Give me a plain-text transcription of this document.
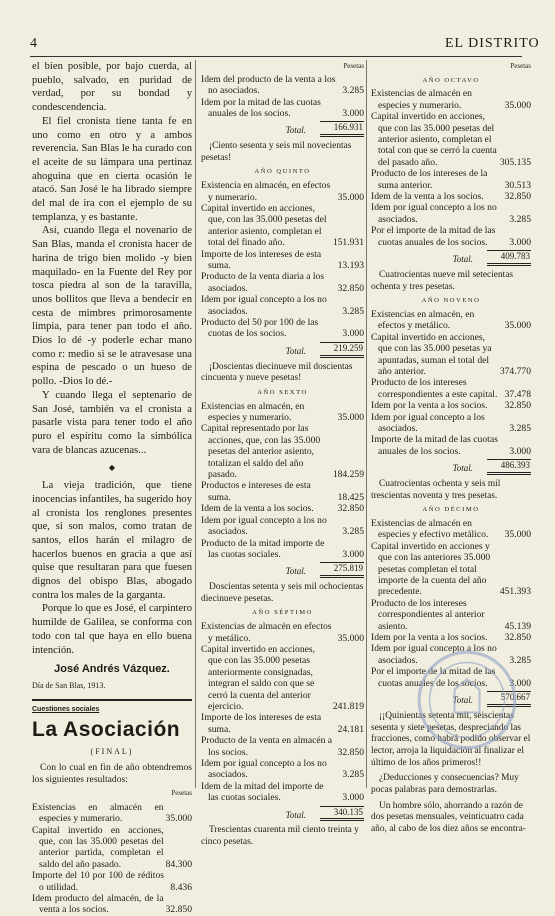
4	EL DISTRITO

el bien posible, por bajo cuerda, al pueblo, salvado, en puridad de verdad, por su bondad y condescendencia.

El fiel cronista tiene tanta fe en uno como en otro y a ambos reverencia. San Blas le ha curado con el aceite de su lámpara una pertinaz ahoguina que en cierta ocasión le atacó. San José le ha librado siempre del mal de ira con el ejemplo de su templanza, y es bastante.

Así, cuando llega el novenario de San Blas, manda el cronista hacer de harina de trigo bien molido -y bien maquilado- en la Fuente del Rey por tosca piedra al son de la taravilla, unos bollitos que lleva a bendecir en cesta de mimbres primorosamente limpia, para tener pan todo el año. Dios lo dé -y poderle echar mano como r: medio si se le atravesase una espina de pescado o un hueso de pollo. -Dios lo dé.-

Y cuando llega el septenario de San José, también va el cronista a pasarle vista para tener todo el año puro el espíritu como la simbólica vara de blancas azucenas...

◆

La vieja tradición, que tiene inocencias infantiles, ha sugerido hoy al cronista los renglones presentes que, si son malos, como tratan de santos, ellos harán el milagro de hacerlos buenos en gracia a que así quise que resultaran para que fuesen dignos del obispo Blas, abogado contra los males de la garganta.

Porque lo que es José, el carpintero humilde de Galilea, se conforma con todo con tal que haya en ello buena intención.

José Andrés Vázquez.
Día de San Blas, 1913.
Cuestiones sociales
La Asociación
(FINAL)

Con lo cual en fin de año obtendremos los siguientes resultados:

Pesetas
Existencias en almacén en especies y numerario.	35.000
Capital invertido en acciones, que, con las 35.000 pesetas del anterior partida, completan el saldo del año pasado.	84.300
Importe del 10 por 100 de réditos o utilidad.	8.436
Idem producto del almacén, de la venta a los socios.	32.850
Pesetas
Idem del producto de la venta a los no asociados.	3.285
Idem por la mitad de las cuotas anuales de los socios.	3.000
Total.	166.931

¡Ciento sesenta y seis mil novecientas pesetas!

AÑO QUINTO
Existencia en almacén, en efectos y numerario.	35.000
Capital invertido en acciones, que, con las 35.000 pesetas del anterior asiento, completan el total del finado año.	151.931
Importe de los intereses de esta suma.	13.193
Producto de la venta diaria a los asociados.	32.850
Idem por igual concepto a los no asociados.	3.285
Producto del 50 por 100 de las cuotas de los socios.	3.000
Total.	219.259

¡Doscientas diecinueve mil doscientas cincuenta y nueve pesetas!

AÑO SEXTO
Existencias en almacén, en especies y numerario.	35.000
Capital representado por las acciones, que, con las 35.000 pesetas del anterior asiento, totalizan el saldo del año pasado.	184.259
Productos e intereses de esta suma.	18.425
Idem de la venta a los socios.	32.850
Idem por igual concepto a los no asociados.	3.285
Producto de la mitad importe de las cuotas sociales.	3.000
Total.	275.819

Doscientas setenta y seis mil ochocientas diecinueve pesetas.

AÑO SÉPTIMO
Existencias de almacén en efectos y metálico.	35.000
Capital invertido en acciones, que con las 35.000 pesetas anteriormente consignadas, integran el saldo con que se cerró la cuenta del anterior ejercicio.	241.819
Importe de los intereses de esta suma.	24.181
Producto de la venta en almacén a los socios.	32.850
Idem por igual concepto a los no asociados.	3.285
Idem de la mitad del importe de las cuotas sociales.	3.000
Total.	340.135

Trescientas cuarenta mil ciento treinta y cinco pesetas.

Pesetas
AÑO OCTAVO
Existencias de almacén en especies y numerario.	35.000
Capital invertido en acciones, que con las 35.000 pesetas del anterior asiento, completan el total con que se cerró la cuenta del pasado año.	305.135
Producto de los intereses de la suma anterior.	30.513
Idem de la venta a los socios.	32.850
Idem por igual concepto a los no asociados.	3.285
Por el importe de la mitad de las cuotas anuales de los socios.	3.000
Total.	409.783

Cuatrocientas nueve mil setecientas ochenta y tres pesetas.

AÑO NOVENO
Existencias en almacén, en efectos y metálico.	35.000
Capital invertido en acciones, que con las 35.000 pesetas ya apuntadas, suman el total del año anterior.	374.770
Producto de los intereses correspondientes a este capital. 37.478
Idem por la venta a los socios.	32.850
Idem por igual concepto a los asociados.	3.285
Importe de la mitad de las cuotas anuales de los socios.	3.000
Total.	486.393

Cuatrocientas ochenta y seis mil trescientas noventa y tres pesetas.

AÑO DÉCIMO
Existencias de almacén en especies y efectivo metálico.	35.000
Capital invertido en acciones y que con las anteriores 35.000 pesetas completan el total importe de la cuenta del año precedente.	451.393
Producto de los intereses correspondientes al anterior asiento.	45.139
Idem por la venta a los socios.	32.850
Idem por igual concepto a los no asociados.	3.285
Por el importe de la mitad de las cuotas anuales de los socios.	3.000
Total.	570.667

¡¡Quinientas setenta mil, seiscientas sesenta y siete pesetas, despreciando las fracciones, como habrá podido observar el lector, arroja la liquidación al finalizar el último de los años primeros!!

¿Deducciones y consecuencias? Muy pocas palabras para demostrarlas.

Un hombre sólo, ahorrando a razón de dos pesetas mensuales, veinticuatro cada año, al cabo de los diez años se encontra-
